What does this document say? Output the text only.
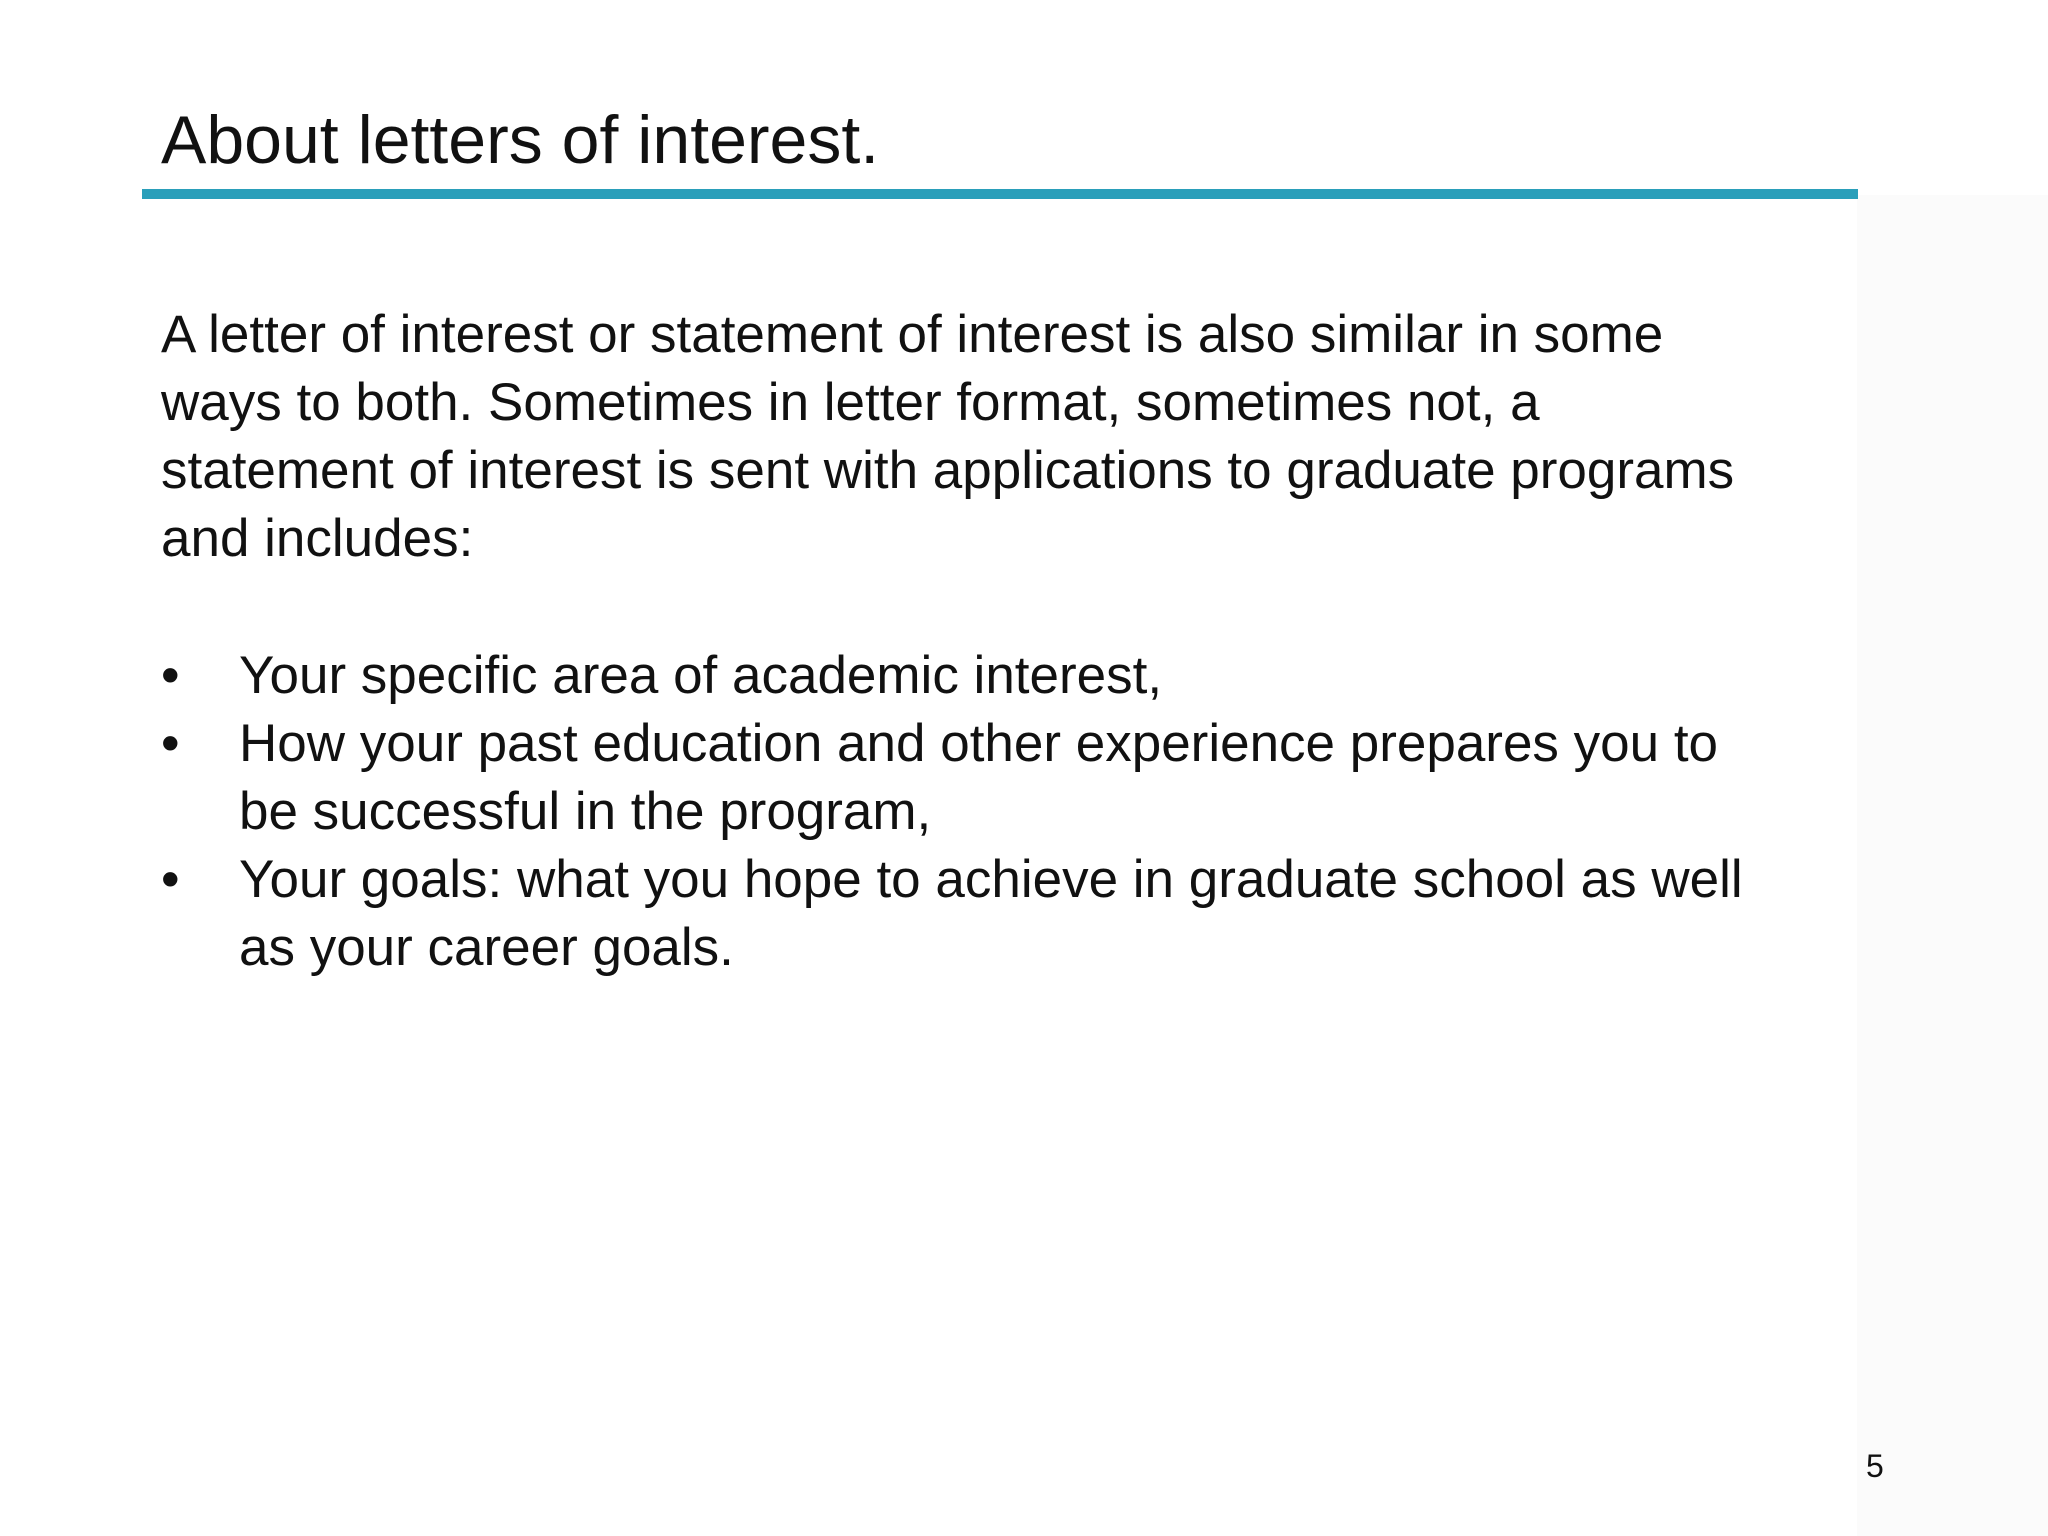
About letters of interest.

A letter of interest or statement of interest is also similar in some
ways to both. Sometimes in letter format, sometimes not, a
statement of interest is sent with applications to graduate programs
and includes:

• Your specific area of academic interest,
• How your past education and other experience prepares you to
be successful in the program,
• Your goals: what you hope to achieve in graduate school as well
as your career goals.
5
